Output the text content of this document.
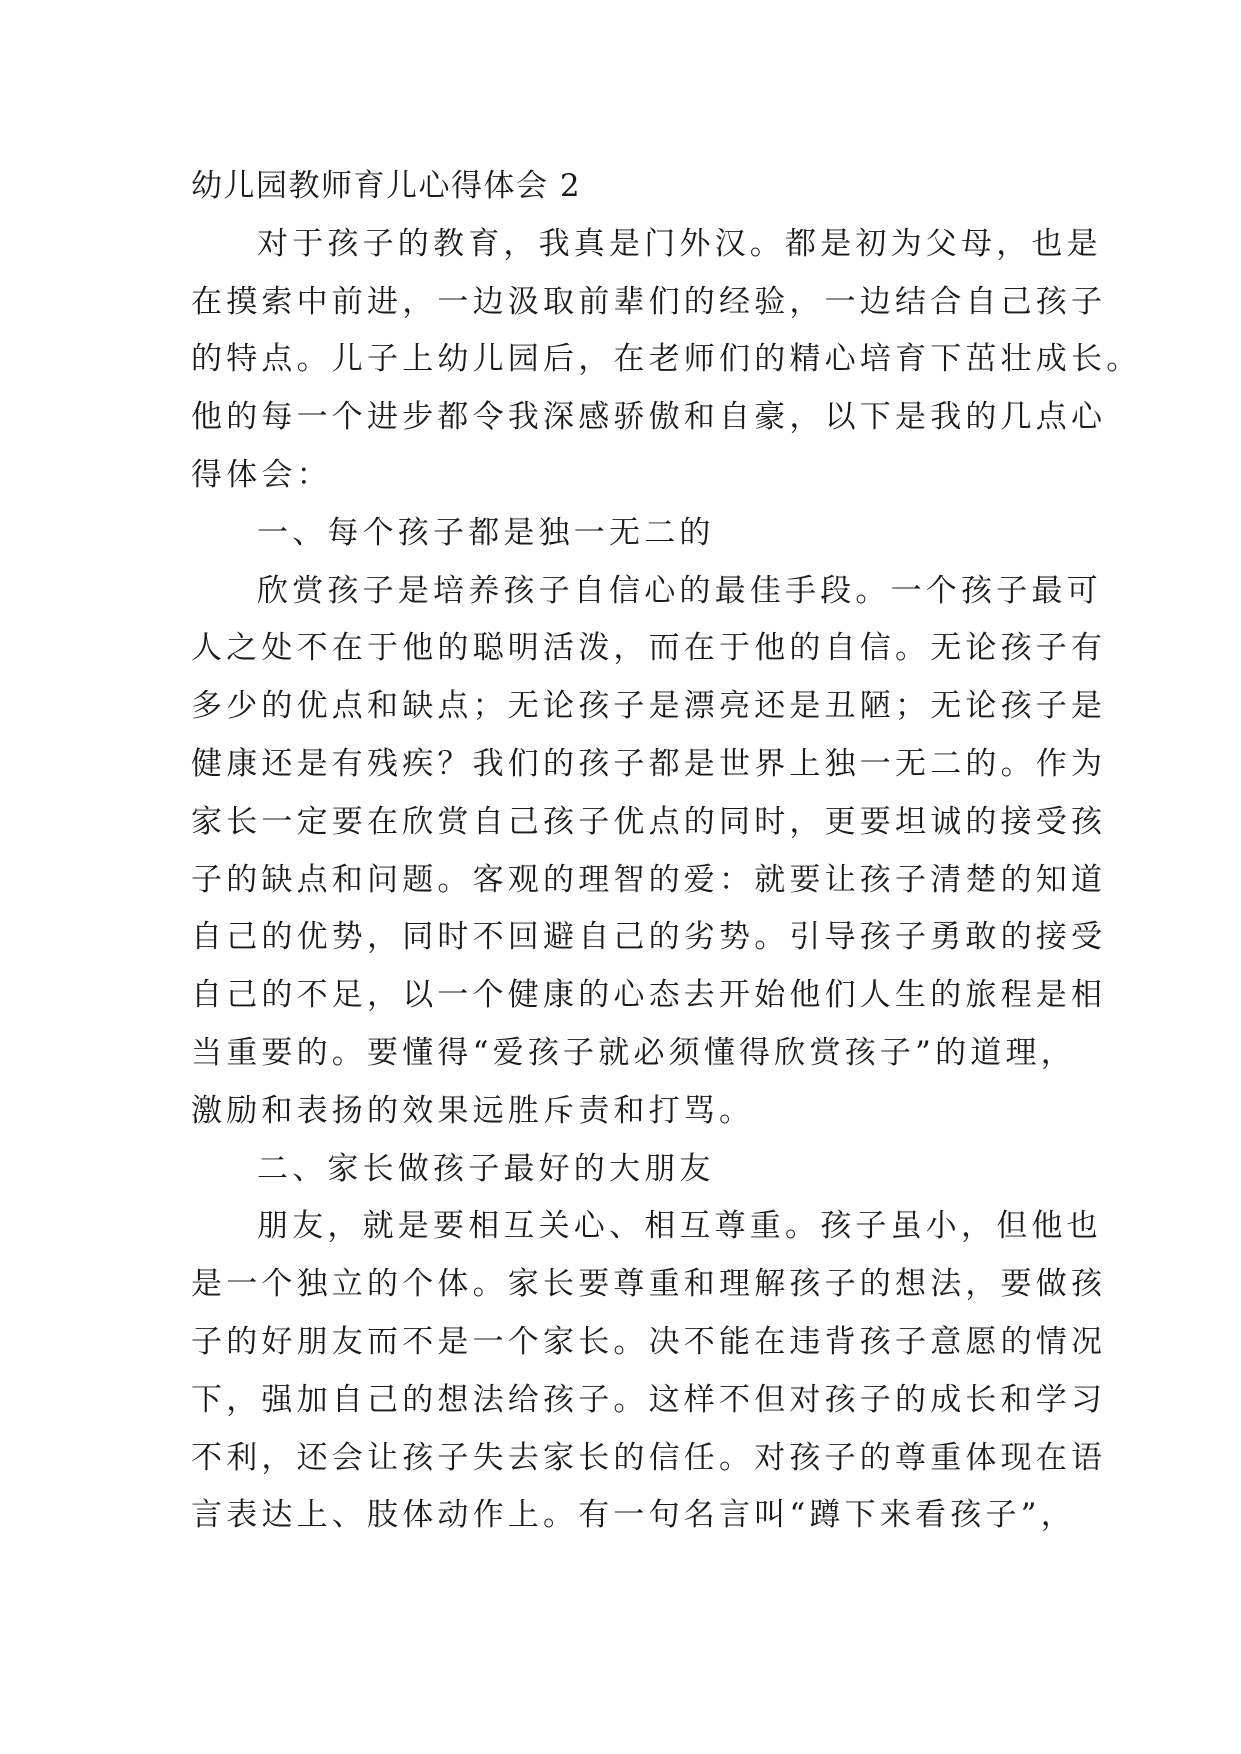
幼儿园教师育儿心得体会 2
对于孩子的教育，我真是门外汉。都是初为父母，也是
在摸索中前进，一边汲取前辈们的经验，一边结合自己孩子
的特点。儿子上幼儿园后，在老师们的精心培育下茁壮成长。
他的每一个进步都令我深感骄傲和自豪，以下是我的几点心
得体会：
一、每个孩子都是独一无二的
欣赏孩子是培养孩子自信心的最佳手段。一个孩子最可
人之处不在于他的聪明活泼，而在于他的自信。无论孩子有
多少的优点和缺点；无论孩子是漂亮还是丑陋；无论孩子是
健康还是有残疾？我们的孩子都是世界上独一无二的。作为
家长一定要在欣赏自己孩子优点的同时，更要坦诚的接受孩
子的缺点和问题。客观的理智的爱：就要让孩子清楚的知道
自己的优势，同时不回避自己的劣势。引导孩子勇敢的接受
自己的不足，以一个健康的心态去开始他们人生的旅程是相
当重要的。要懂得“爱孩子就必须懂得欣赏孩子”的道理，
激励和表扬的效果远胜斥责和打骂。
二、家长做孩子最好的大朋友
朋友，就是要相互关心、相互尊重。孩子虽小，但他也
是一个独立的个体。家长要尊重和理解孩子的想法，要做孩
子的好朋友而不是一个家长。决不能在违背孩子意愿的情况
下，强加自己的想法给孩子。这样不但对孩子的成长和学习
不利，还会让孩子失去家长的信任。对孩子的尊重体现在语
言表达上、肢体动作上。有一句名言叫“蹲下来看孩子”，
